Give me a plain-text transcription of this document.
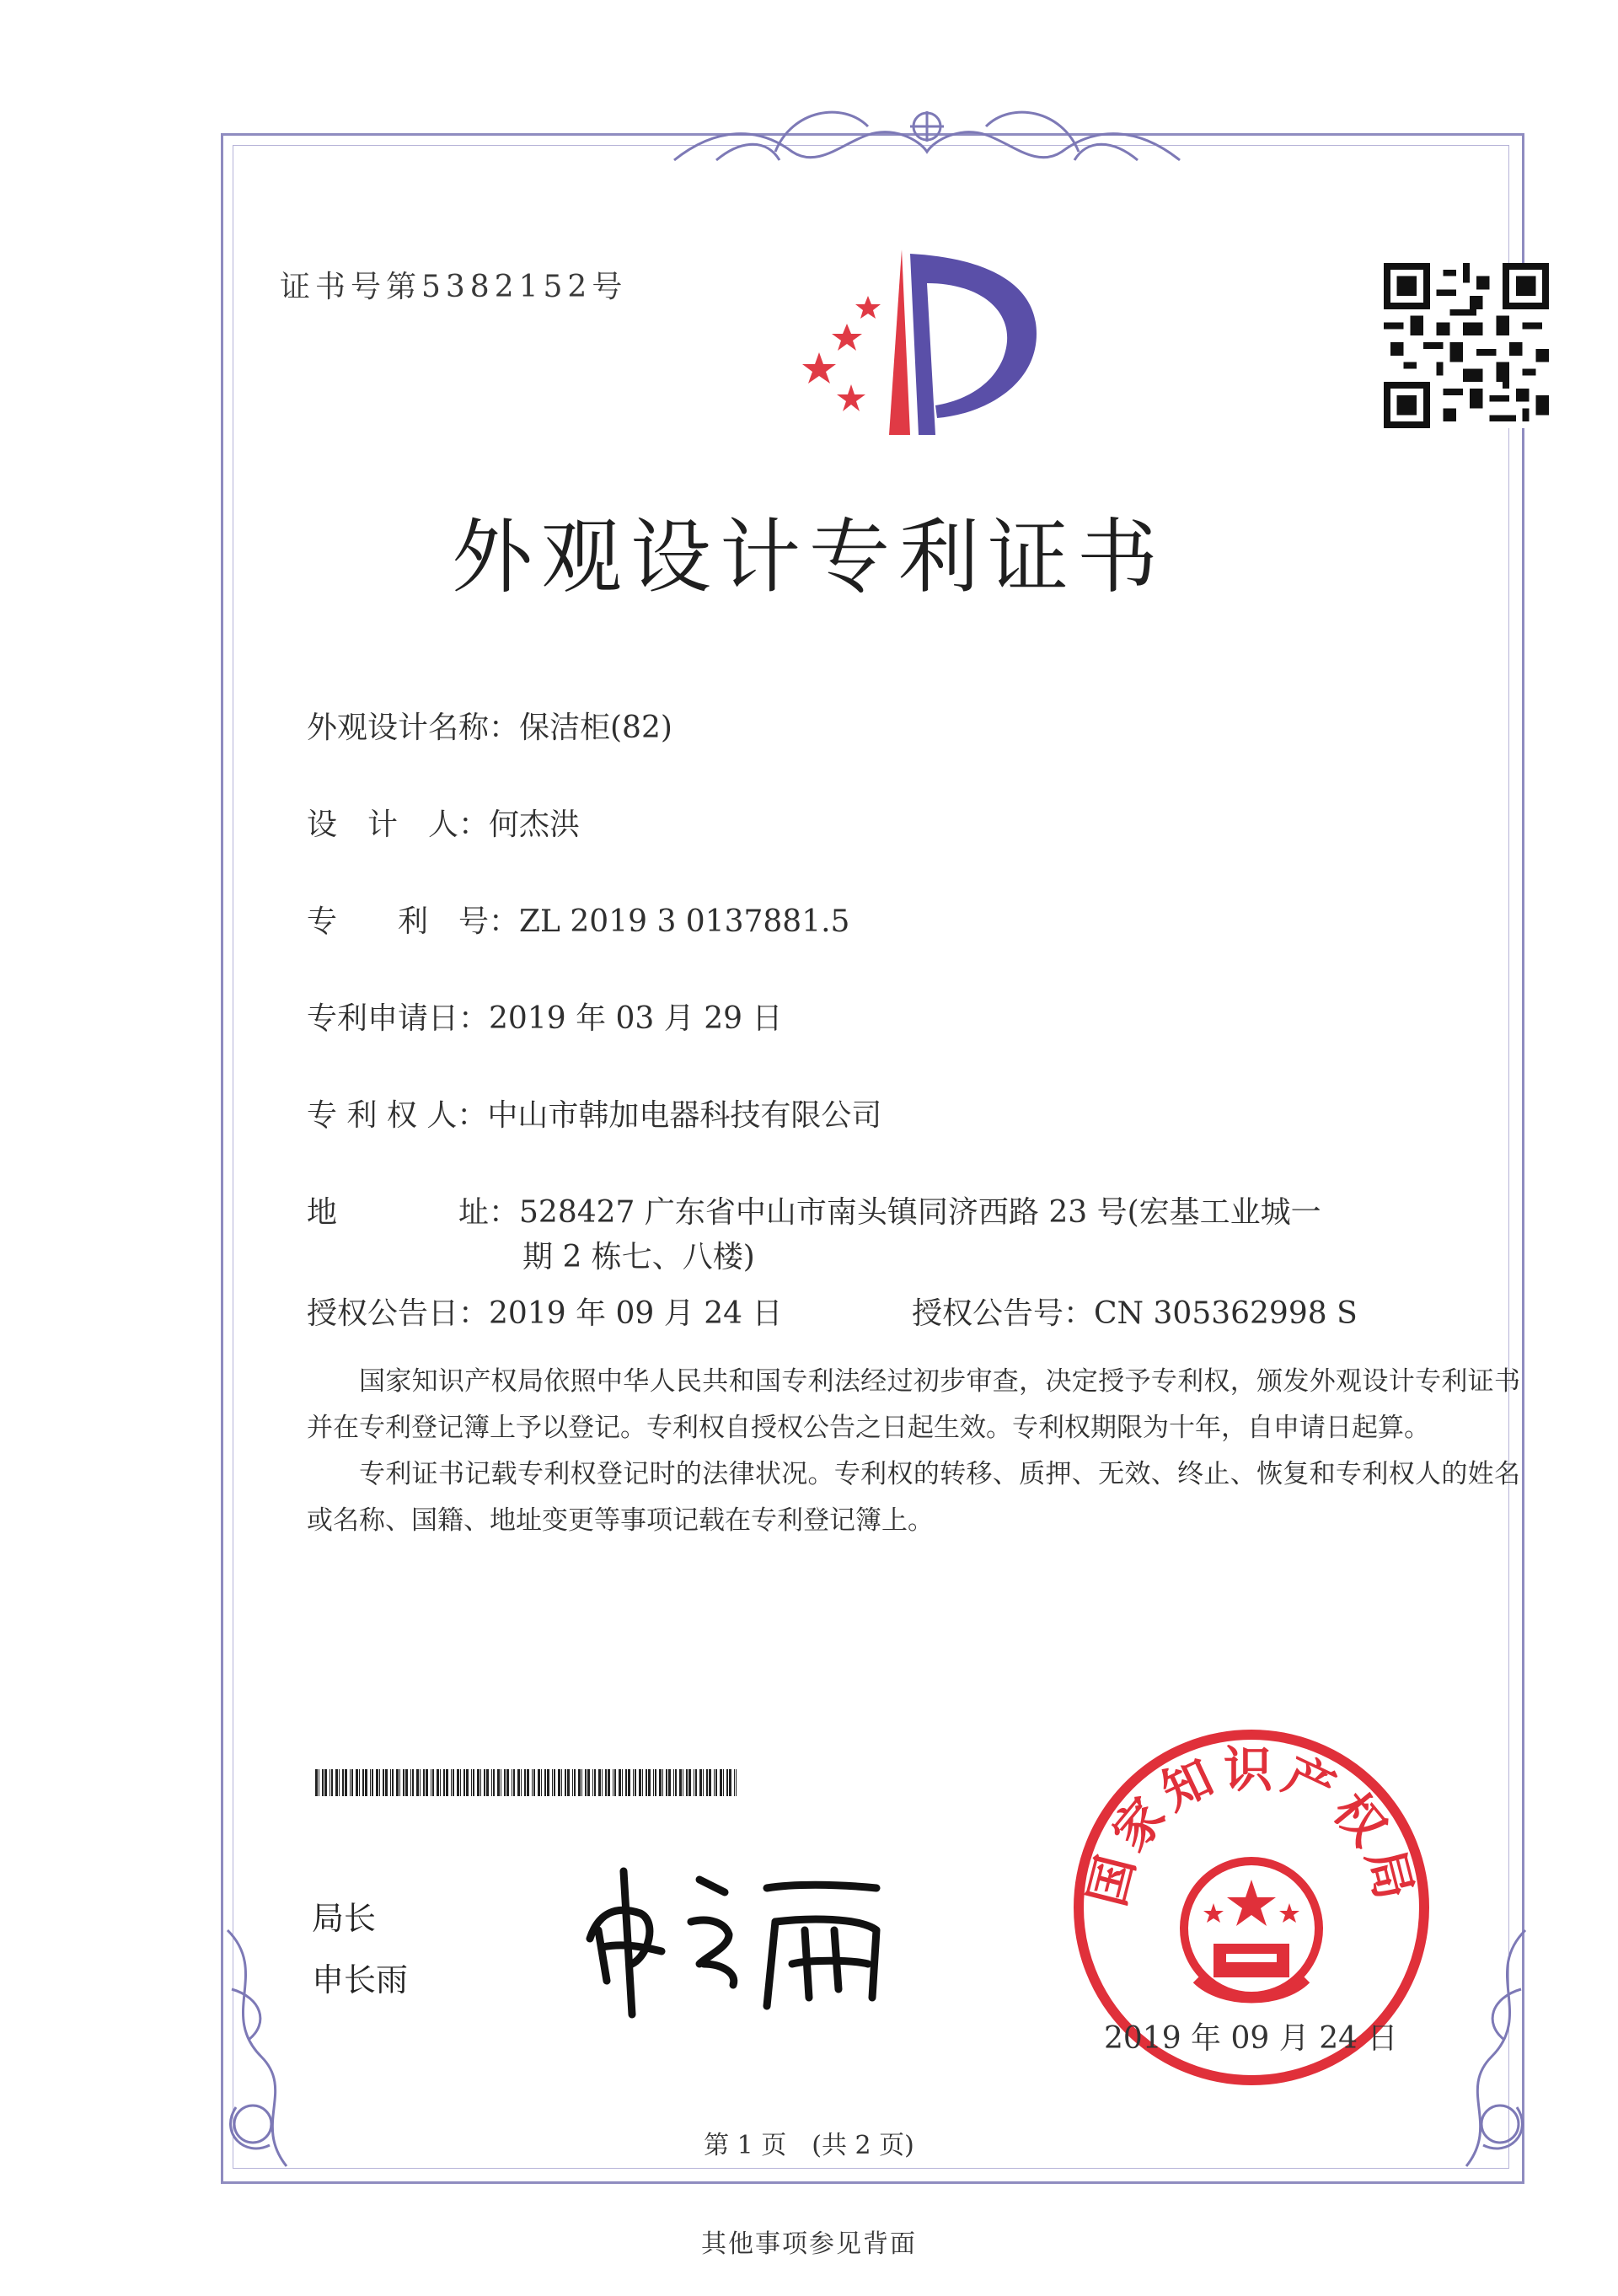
证书号第5382152号
外观设计专利证书
外观设计名称：保洁柜(82)
设　计　人：何杰洪
专　　利　号：ZL 2019 3 0137881.5
专利申请日：2019 年 03 月 29 日
专 利 权 人：中山市韩加电器科技有限公司
地　　　　址：528427 广东省中山市南头镇同济西路 23 号(宏基工业城一
期 2 栋七、八楼)
授权公告日：2019 年 09 月 24 日	授权公告号：CN 305362998 S

国家知识产权局依照中华人民共和国专利法经过初步审查，决定授予专利权，颁发外观设计专利证书并在专利登记簿上予以登记。专利权自授权公告之日起生效。专利权期限为十年，自申请日起算。

专利证书记载专利权登记时的法律状况。专利权的转移、质押、无效、终止、恢复和专利权人的姓名或名称、国籍、地址变更等事项记载在专利登记簿上。

局长
申长雨
国家知识产权局
2019 年 09 月 24 日
第 1 页　(共 2 页)
其他事项参见背面
